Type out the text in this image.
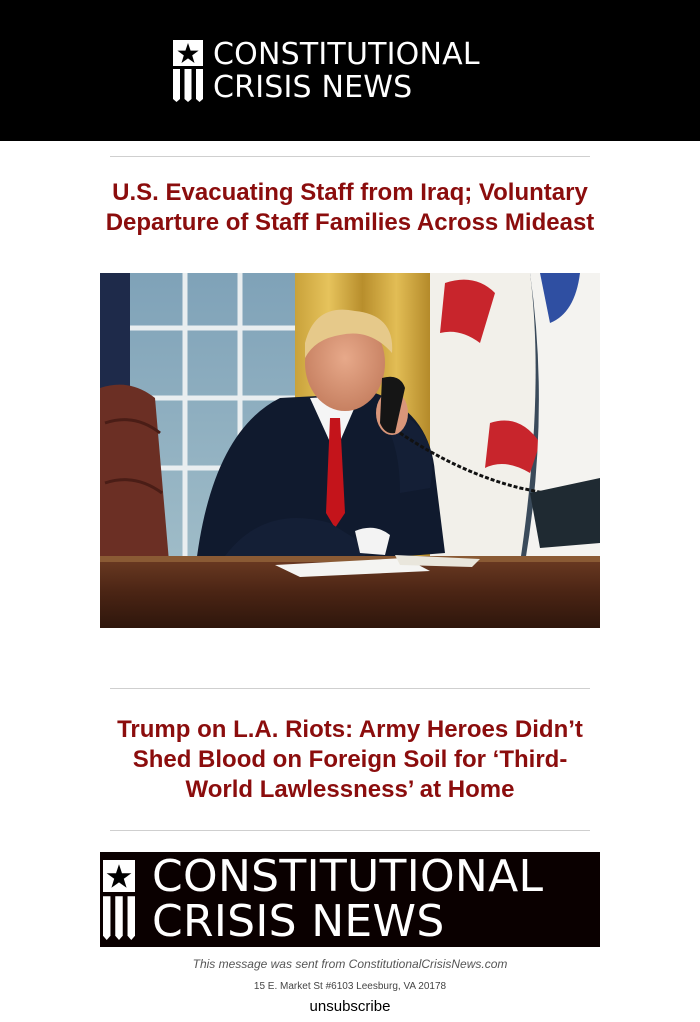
CONSTITUTIONAL
CRISIS NEWS
U.S. Evacuating Staff from Iraq; Voluntary Departure of Staff Families Across Mideast
Trump on L.A. Riots: Army Heroes Didn’t Shed Blood on Foreign Soil for ‘Third-World Lawlessness’ at Home
CONSTITUTIONAL
CRISIS NEWS
This message was sent from ConstitutionalCrisisNews.com
15 E. Market St #6103 Leesburg, VA 20178
unsubscribe
